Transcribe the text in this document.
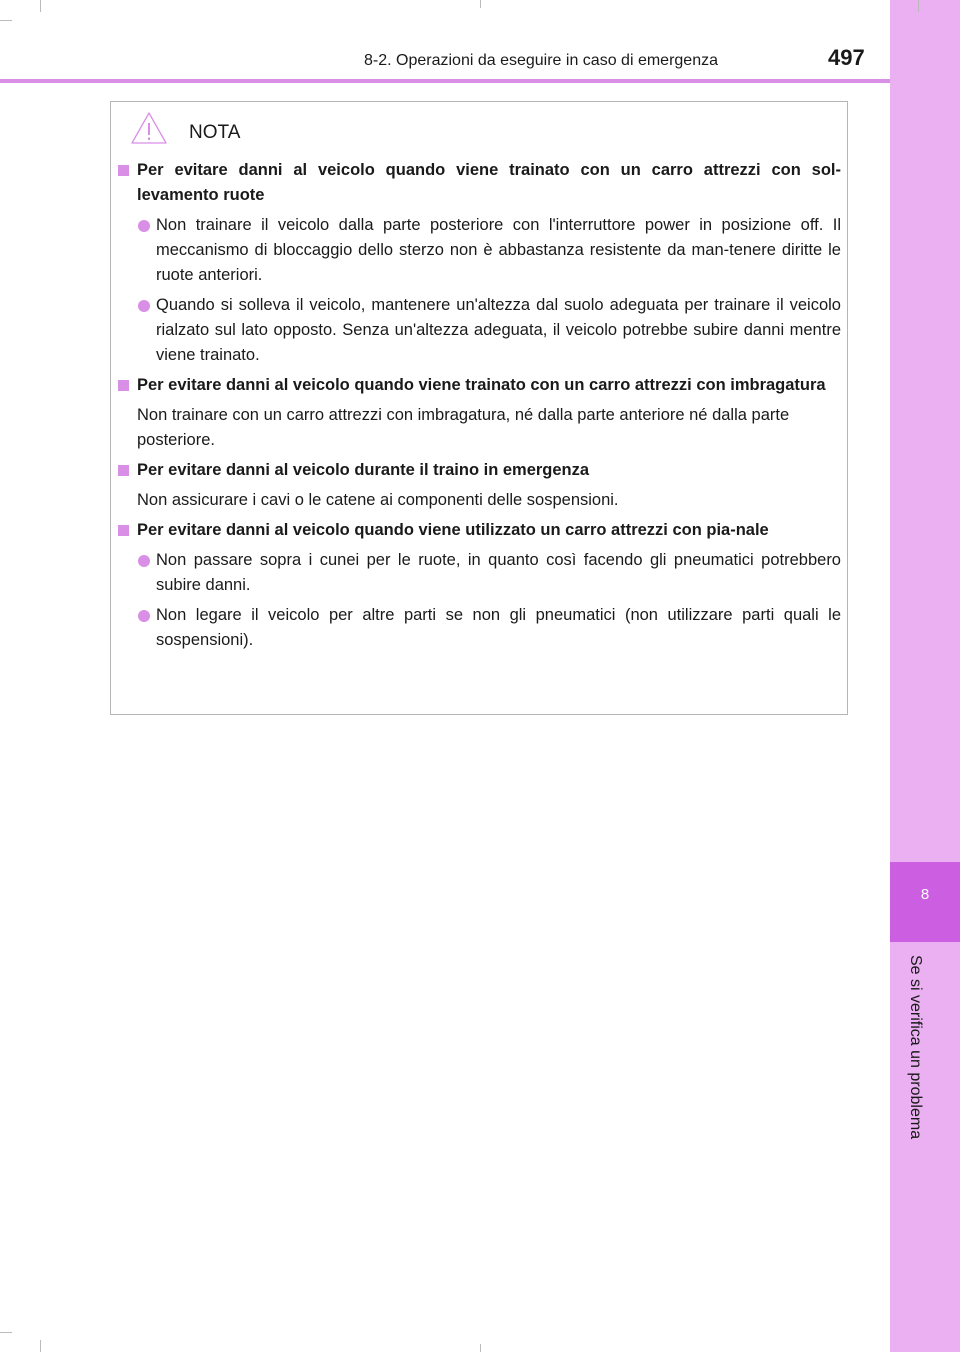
8
Se si verifica un problema
8-2. Operazioni da eseguire in caso di emergenza	497
NOTA
Per evitare danni al veicolo quando viene trainato con un carro attrezzi con sol-levamento ruote
Non trainare il veicolo dalla parte posteriore con l'interruttore power in posizione off. Il meccanismo di bloccaggio dello sterzo non è abbastanza resistente da man-tenere diritte le ruote anteriori.
Quando si solleva il veicolo, mantenere un'altezza dal suolo adeguata per trainare il veicolo rialzato sul lato opposto. Senza un'altezza adeguata, il veicolo potrebbe subire danni mentre viene trainato.
Per evitare danni al veicolo quando viene trainato con un carro attrezzi con imbragatura
Non trainare con un carro attrezzi con imbragatura, né dalla parte anteriore né dalla parte posteriore.
Per evitare danni al veicolo durante il traino in emergenza
Non assicurare i cavi o le catene ai componenti delle sospensioni.
Per evitare danni al veicolo quando viene utilizzato un carro attrezzi con pia-nale
Non passare sopra i cunei per le ruote, in quanto così facendo gli pneumatici potrebbero subire danni.
Non legare il veicolo per altre parti se non gli pneumatici (non utilizzare parti quali le sospensioni).
